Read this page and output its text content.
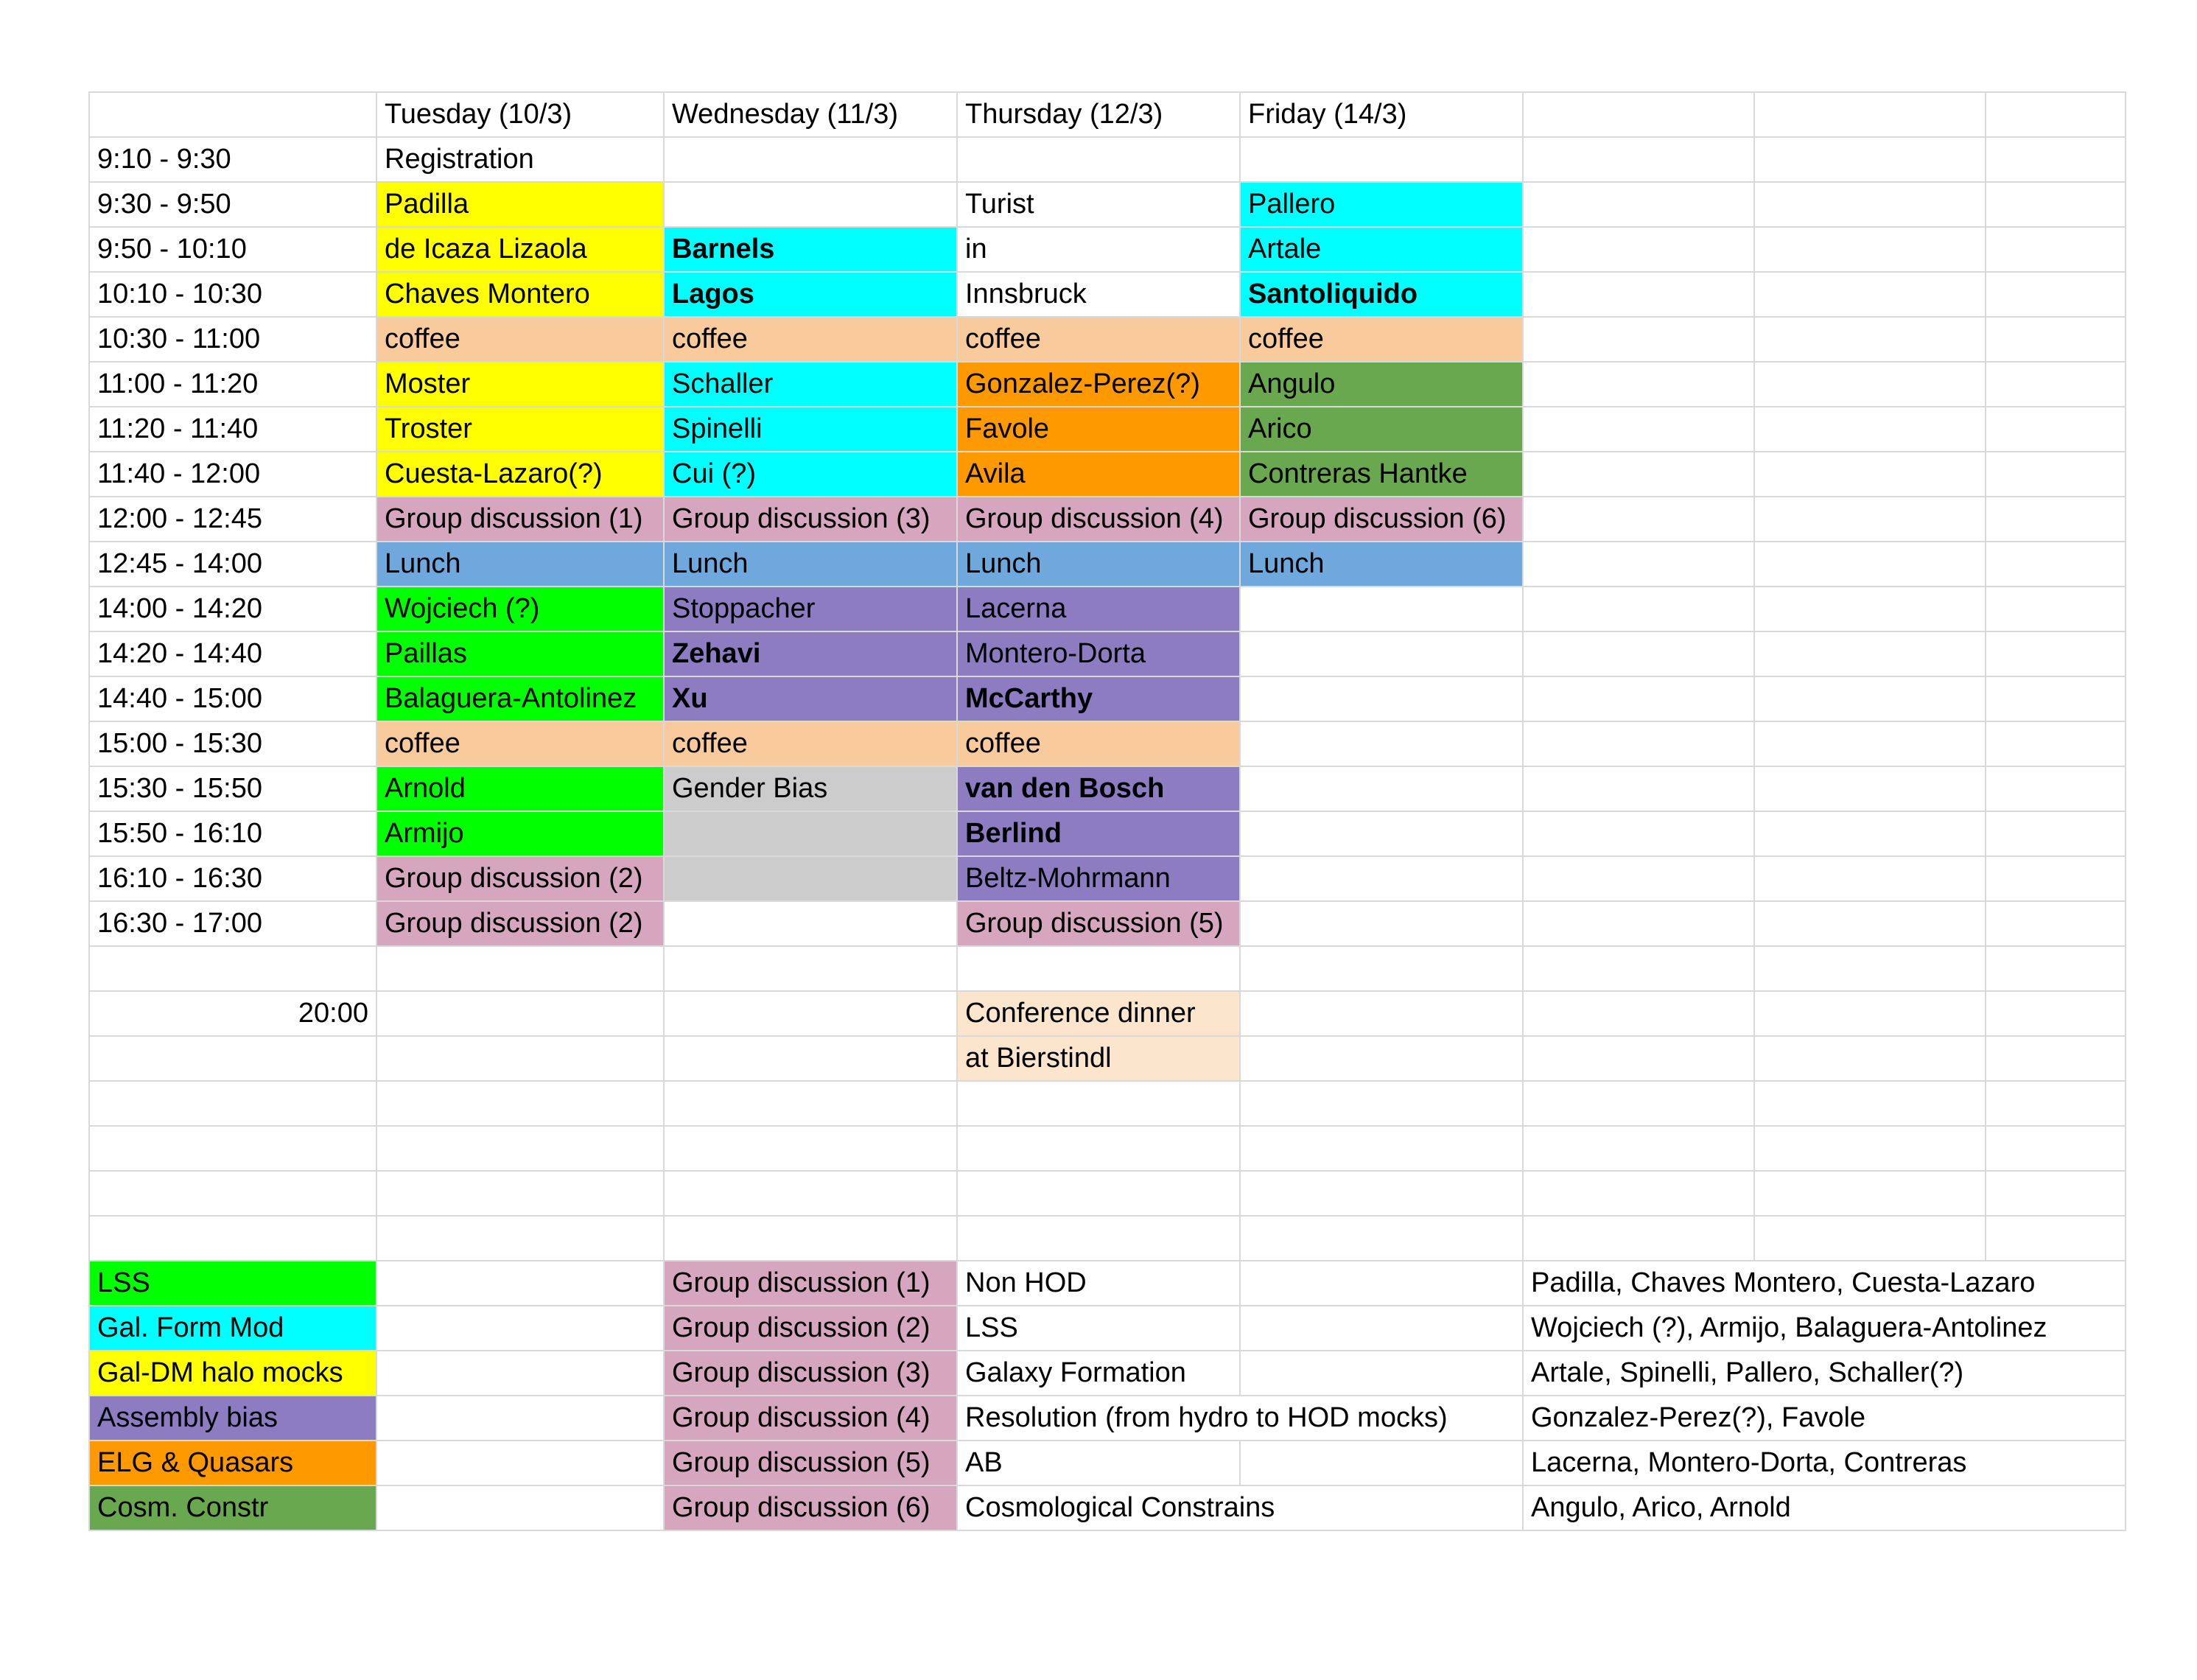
	Tuesday (10/3)	Wednesday (11/3)	Thursday (12/3)	Friday (14/3)			
9:10 - 9:30	Registration						
9:30 - 9:50	Padilla		Turist	Pallero			
9:50 - 10:10	de Icaza Lizaola	Barnels	in	Artale			
10:10 - 10:30	Chaves Montero	Lagos	Innsbruck	Santoliquido			
10:30 - 11:00	coffee	coffee	coffee	coffee			
11:00 - 11:20	Moster	Schaller	Gonzalez-Perez(?)	Angulo			
11:20 - 11:40	Troster	Spinelli	Favole	Arico			
11:40 - 12:00	Cuesta-Lazaro(?)	Cui (?)	Avila	Contreras Hantke			
12:00 - 12:45	Group discussion (1)	Group discussion (3)	Group discussion (4)	Group discussion (6)			
12:45 - 14:00	Lunch	Lunch	Lunch	Lunch			
14:00 - 14:20	Wojciech (?)	Stoppacher	Lacerna				
14:20 - 14:40	Paillas	Zehavi	Montero-Dorta				
14:40 - 15:00	Balaguera-Antolinez	Xu	McCarthy				
15:00 - 15:30	coffee	coffee	coffee				
15:30 - 15:50	Arnold	Gender Bias	van den Bosch				
15:50 - 16:10	Armijo		Berlind				
16:10 - 16:30	Group discussion (2)		Beltz-Mohrmann				
16:30 - 17:00	Group discussion (2)		Group discussion (5)				

20:00			Conference dinner				
			at Bierstindl				

LSS		Group discussion (1)	Non HOD		Padilla, Chaves Montero, Cuesta-Lazaro		
Gal. Form Mod		Group discussion (2)	LSS		Wojciech (?), Armijo, Balaguera-Antolinez		
Gal-DM halo mocks		Group discussion (3)	Galaxy Formation		Artale, Spinelli, Pallero, Schaller(?)		
Assembly bias		Group discussion (4)	Resolution (from hydro to HOD mocks)		Gonzalez-Perez(?), Favole		
ELG & Quasars		Group discussion (5)	AB		Lacerna, Montero-Dorta, Contreras		
Cosm. Constr		Group discussion (6)	Cosmological Constrains		Angulo, Arico, Arnold		
